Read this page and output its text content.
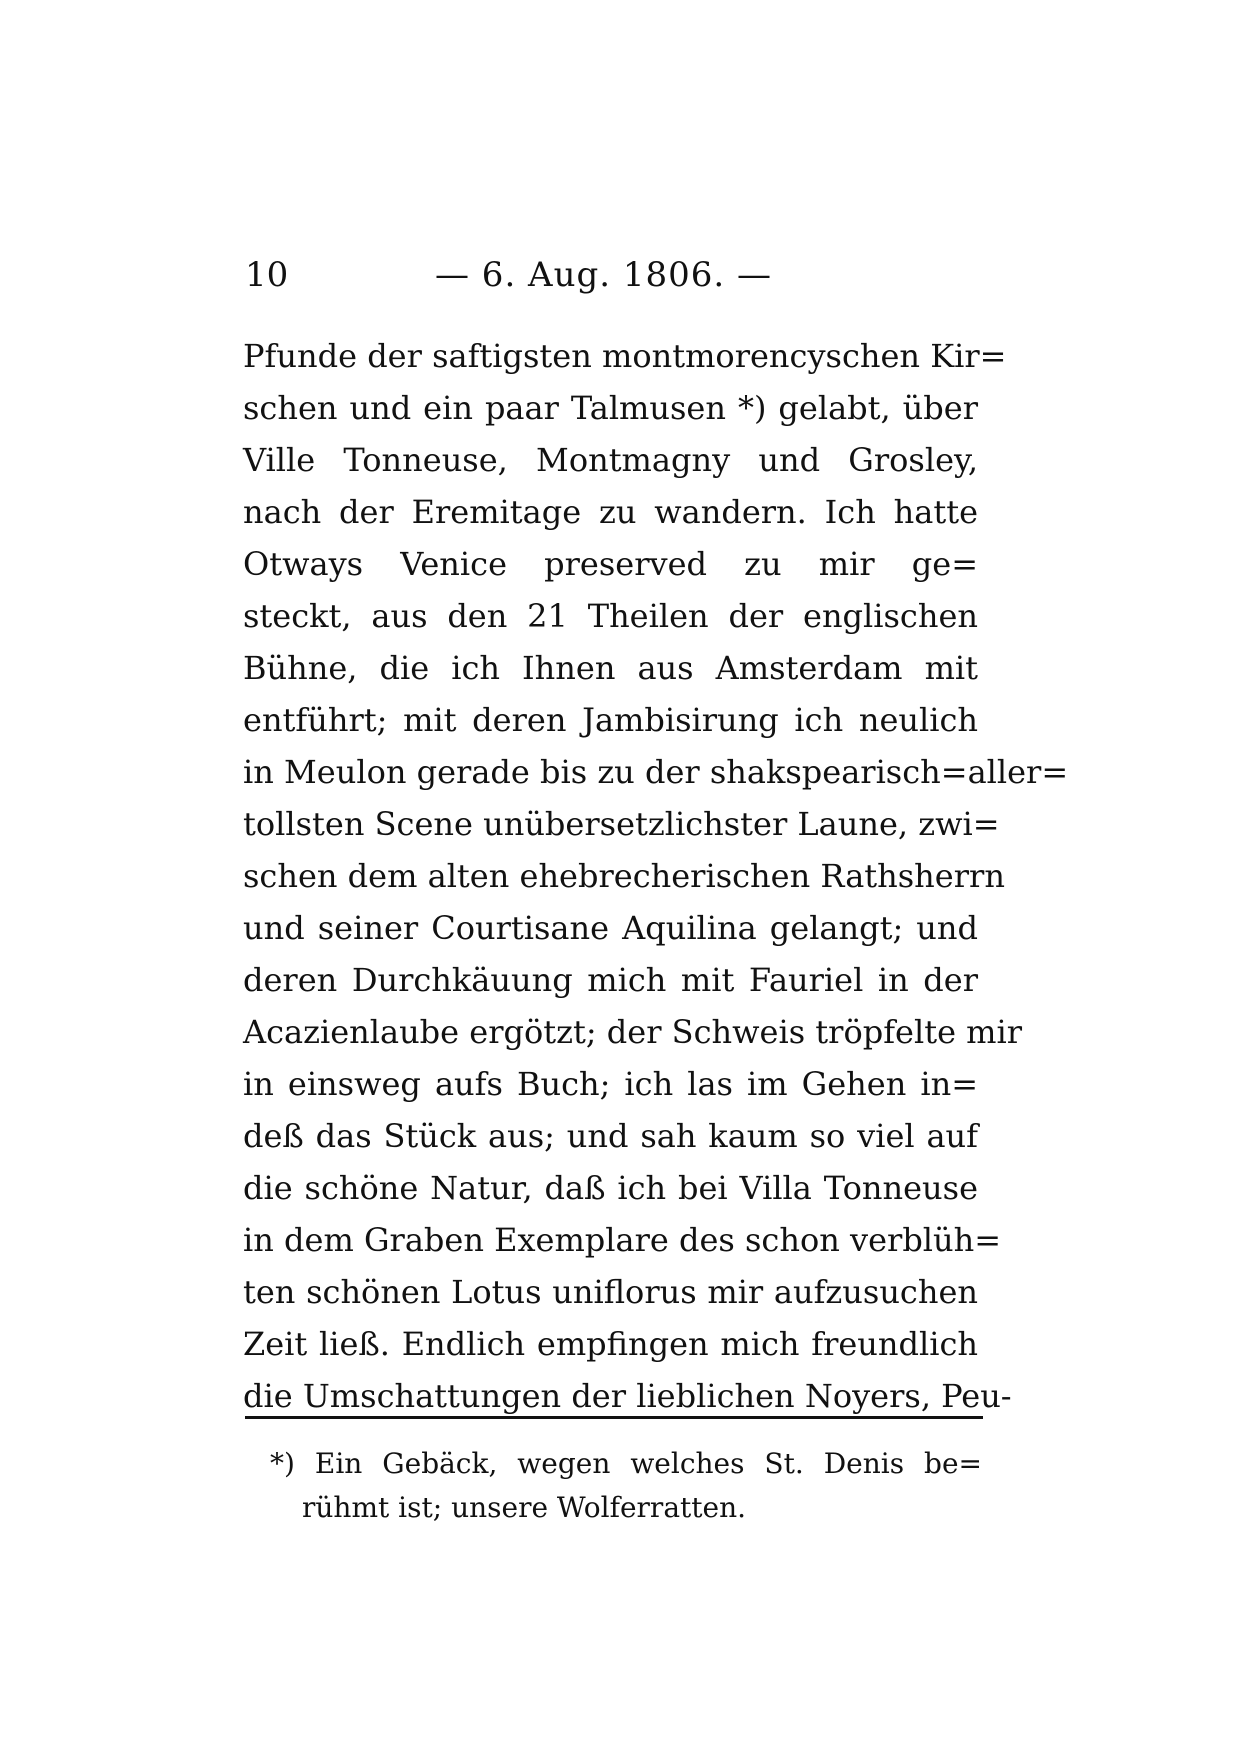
10	— 6. Aug. 1806. —
Pfunde der saftigsten montmorencyschen Kir=
schen und ein paar Talmusen *) gelabt, über
Ville Tonneuse, Montmagny und Grosley,
nach der Eremitage zu wandern. Ich hatte
Otways Venice preserved zu mir ge=
steckt, aus den 21 Theilen der englischen
Bühne, die ich Ihnen aus Amsterdam mit
entführt; mit deren Jambisirung ich neulich
in Meulon gerade bis zu der shakspearisch=aller=
tollsten Scene unübersetzlichster Laune, zwi=
schen dem alten ehebrecherischen Rathsherrn
und seiner Courtisane Aquilina gelangt; und
deren Durchkäuung mich mit Fauriel in der
Acazienlaube ergötzt; der Schweis tröpfelte mir
in einsweg aufs Buch; ich las im Gehen in=
deß das Stück aus; und sah kaum so viel auf
die schöne Natur, daß ich bei Villa Tonneuse
in dem Graben Exemplare des schon verblüh=
ten schönen Lotus uniflorus mir aufzusuchen
Zeit ließ. Endlich empfingen mich freundlich
die Umschattungen der lieblichen Noyers, Peu-
*) Ein Gebäck, wegen welches St. Denis be=
rühmt ist; unsere Wolferratten.
